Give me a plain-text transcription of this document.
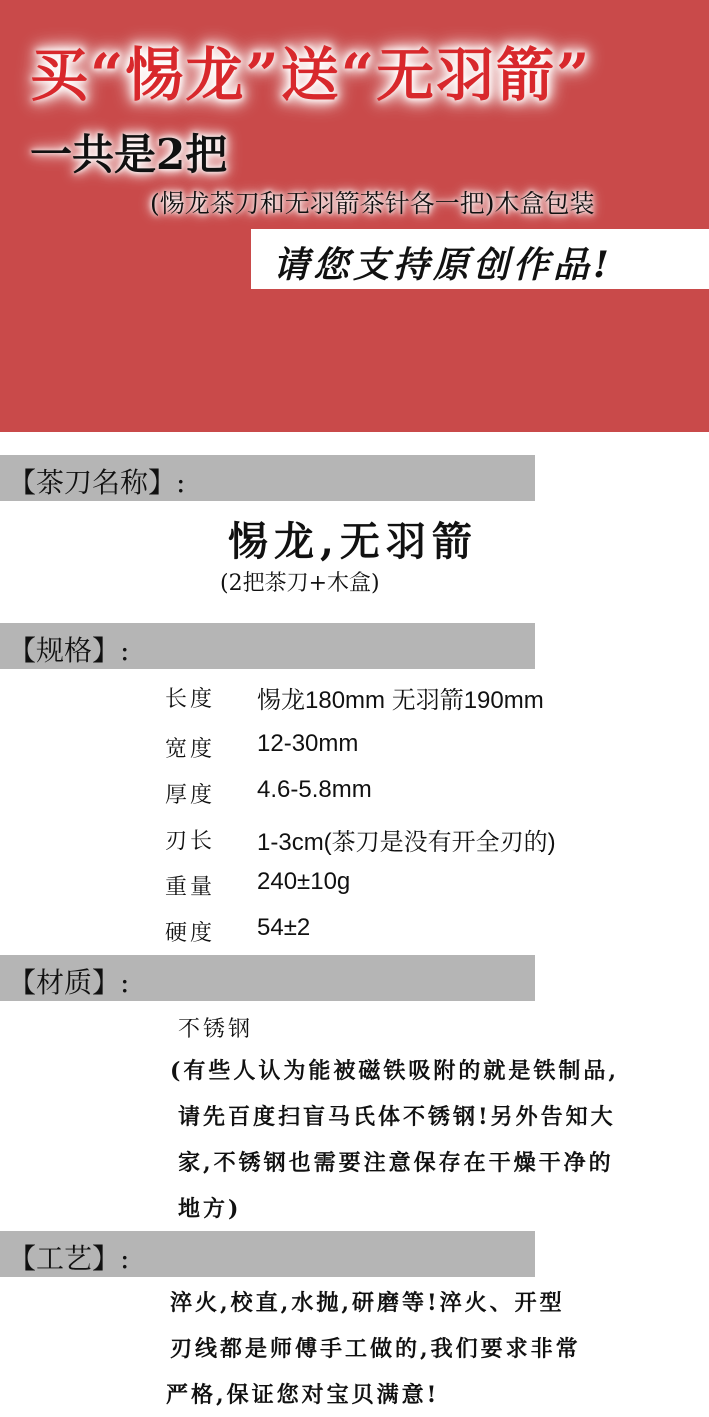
买“惕龙”送“无羽箭”
一共是2把
(惕龙茶刀和无羽箭茶针各一把)木盒包装
请您支持原创作品!
【茶刀名称】:
惕龙,无羽箭
(2把茶刀+木盒)
【规格】:
长度 惕龙180mm 无羽箭190mm
宽度 12-30mm
厚度 4.6-5.8mm
刃长 1-3cm(茶刀是没有开全刃的)
重量 240±10g
硬度 54±2
【材质】:
不锈钢
(有些人认为能被磁铁吸附的就是铁制品,
请先百度扫盲马氏体不锈钢!另外告知大
家,不锈钢也需要注意保存在干燥干净的
地方)
【工艺】:
淬火,校直,水抛,研磨等!淬火、开型
刃线都是师傅手工做的,我们要求非常
严格,保证您对宝贝满意!
